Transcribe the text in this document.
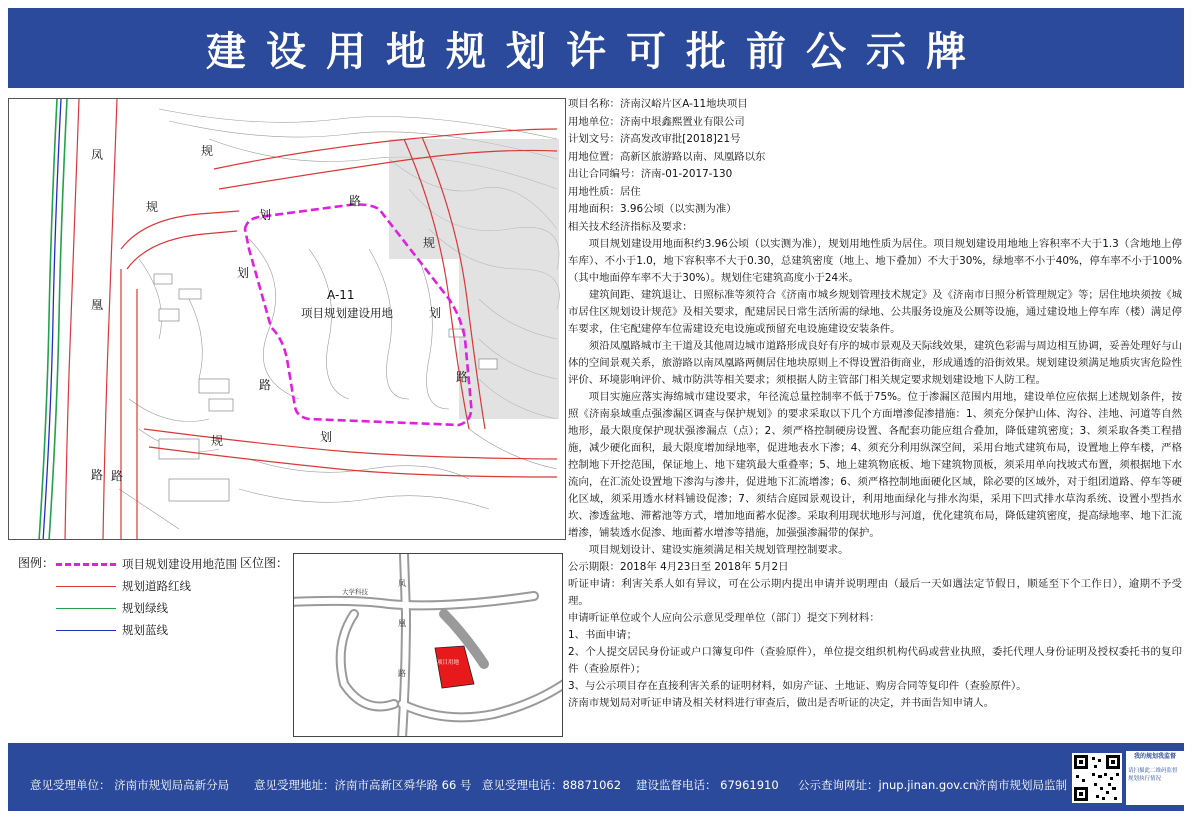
建设用地规划许可批前公示牌
凤
凰
路
规
划
路
规
划
路
规
划
路
规	划
路
A-11
项目规划建设用地
图例：	项目规划建设用地范围
规划道路红线
规划绿线
规划蓝线
区位图：
大学科技
凤
凰
路
项目用地

项目名称：济南汉峪片区A-11地块项目

用地单位：济南中垠鑫熙置业有限公司

计划文号：济高发改审批[2018]21号

用地位置：高新区旅游路以南、凤凰路以东

出让合同编号：济南-01-2017-130

用地性质：居住

用地面积：3.96公顷（以实测为准）

相关技术经济指标及要求：

项目规划建设用地面积约3.96公顷（以实测为准），规划用地性质为居住。项目规划建设用地地上容积率不大于1.3（含地地上停车库）、不小于1.0，地下容积率不大于0.30，总建筑密度（地上、地下叠加）不大于30%，绿地率不小于40%，停车率不小于100%（其中地面停车率不大于30%）。规划住宅建筑高度小于24米。

建筑间距、建筑退让、日照标准等须符合《济南市城乡规划管理技术规定》及《济南市日照分析管理规定》等；居住地块须按《城市居住区规划设计规范》及相关要求，配建居民日常生活所需的绿地、公共服务设施及公厕等设施，通过建设地上停车库（楼）满足停车要求，住宅配建停车位需建设充电设施或预留充电设施建设安装条件。

须沿凤凰路城市主干道及其他周边城市道路形成良好有序的城市景观及天际线效果，建筑色彩需与周边相互协调，妥善处理好与山体的空间景观关系，旅游路以南凤凰路两侧居住地块原则上不得设置沿街商业，形成通透的沿街效果。规划建设须满足地质灾害危险性评价、环境影响评价、城市防洪等相关要求；须根据人防主管部门相关规定要求规划建设地下人防工程。

项目实施应落实海绵城市建设要求，年径流总量控制率不低于75%。位于渗漏区范围内用地，建设单位应依据上述规划条件，按照《济南泉域重点强渗漏区调查与保护规划》的要求采取以下几个方面增渗促渗措施：1、须充分保护山体、沟谷、洼地、河道等自然地形，最大限度保护现状强渗漏点（点）；2、须严格控制硬房设置、各配套功能应组合叠加，降低建筑密度；3、须采取各类工程措施，减少硬化面积，最大限度增加绿地率，促进地表水下渗；4、须充分利用纵深空间，采用台地式建筑布局，设置地上停车楼，严格控制地下开挖范围，保证地上、地下建筑最大重叠率；5、地上建筑物底板、地下建筑物顶板，须采用单向找坡式布置，须根据地下水流向，在汇流处设置地下渗沟与渗井，促进地下汇流增渗；6、须严格控制地面硬化区域，除必要的区域外，对于组团道路、停车等硬化区域，须采用透水材料铺设促渗；7、须结合庭园景观设计，利用地面绿化与排水沟渠，采用下凹式排水草沟系统、设置小型挡水坎、渗透盆地、滞蓄池等方式，增加地面蓄水促渗。采取利用现状地形与河道，优化建筑布局，降低建筑密度，提高绿地率、地下汇流增渗，铺装透水促渗、地面蓄水增渗等措施，加强强渗漏带的保护。

项目规划设计、建设实施须满足相关规划管理控制要求。

公示期限：2018年 4月23日至 2018年 5月2日

听证申请：利害关系人如有异议，可在公示期内提出申请并说明理由（最后一天如遇法定节假日，顺延至下个工作日），逾期不予受理。

申请听证单位或个人应向公示意见受理单位（部门）提交下列材料：

1、书面申请；

2、个人提交居民身份证或户口簿复印件（查验原件），单位提交组织机构代码或营业执照，委托代理人身份证明及授权委托书的复印件（查验原件）；

3、与公示项目存在直接利害关系的证明材料，如房产证、土地证、购房合同等复印件（查验原件）。

济南市规划局对听证申请及相关材料进行审查后，做出是否听证的决定，并书面告知申请人。

意见受理单位： 济南市规划局高新分局 意见受理地址：济南市高新区舜华路 66 号 意见受理电话：88871062 建设监督电话： 67961910 公示查询网址：jnup.jinan.gov.cn
济南市规划局监制
我的规划我监督
请扫描此二维码监督规划执行情况
